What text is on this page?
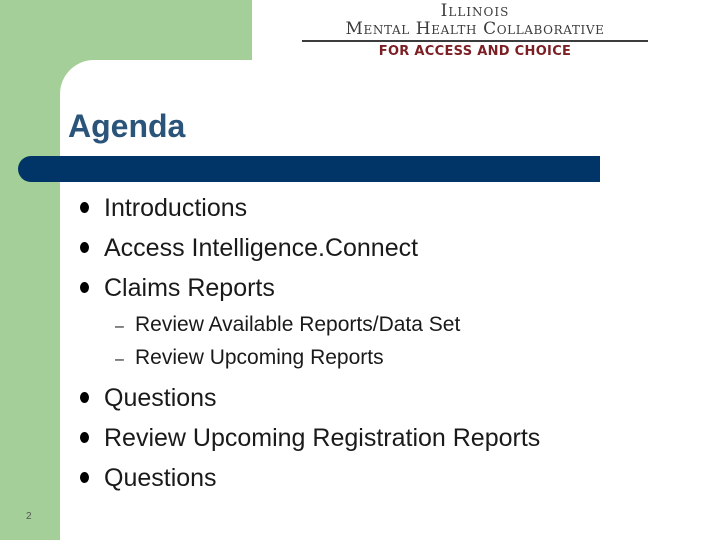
Illinois
Mental Health Collaborative
FOR ACCESS AND CHOICE
Agenda
Introductions
Access Intelligence.Connect
Claims Reports
– Review Available Reports/Data Set
– Review Upcoming Reports
Questions
Review Upcoming Registration Reports
Questions
2
